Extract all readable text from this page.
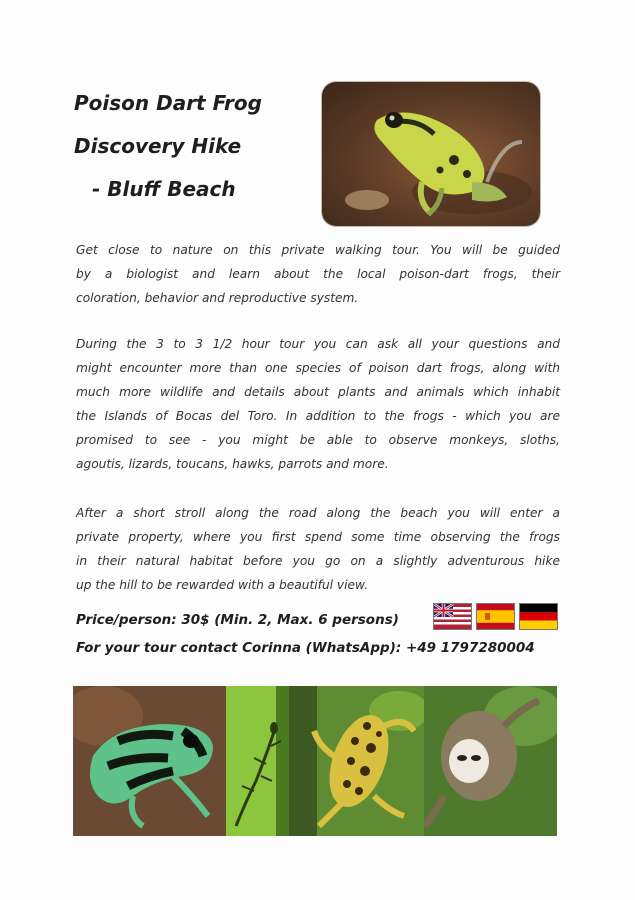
Poison Dart Frog
Discovery Hike
- Bluff Beach
Get close to nature on this private walking tour. You will be guided
by a biologist and learn about the local poison-dart frogs, their
coloration, behavior and reproductive system.
During the 3 to 3 1/2 hour tour you can ask all your questions and
might encounter more than one species of poison dart frogs, along with
much more wildlife and details about plants and animals which inhabit
the Islands of Bocas del Toro. In addition to the frogs - which you are
promised to see - you might be able to observe monkeys, sloths,
agoutis, lizards, toucans, hawks, parrots and more.
After a short stroll along the road along the beach you will enter a
private property, where you first spend some time observing the frogs
in their natural habitat before you go on a slightly adventurous hike
up the hill to be rewarded with a beautiful view.
Price/person: 30$ (Min. 2, Max. 6 persons)
For your tour contact Corinna (WhatsApp): +49 1797280004
